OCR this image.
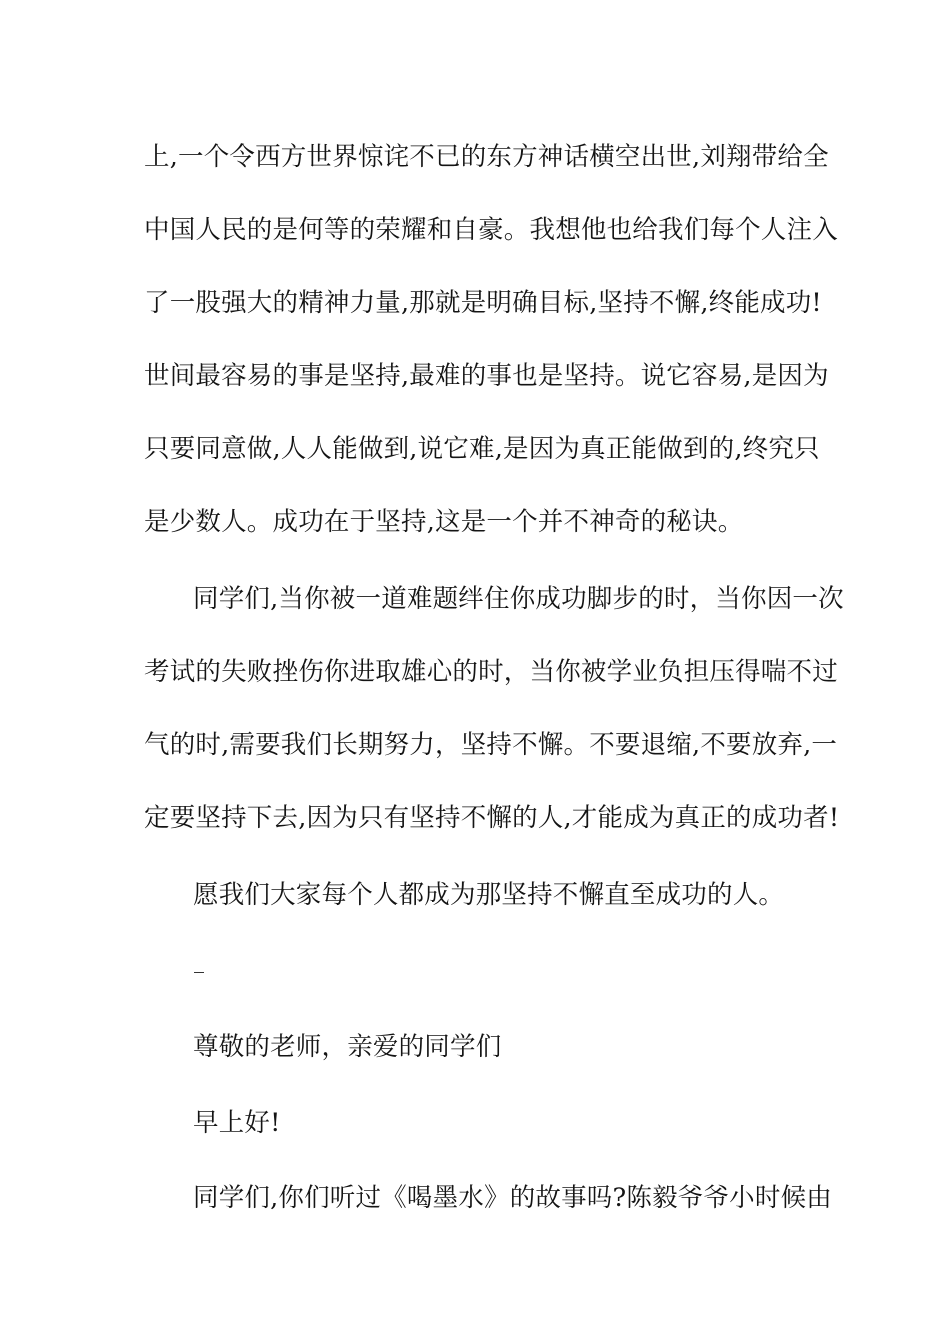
上,一个令西方世界惊诧不已的东方神话横空出世,刘翔带给全
中国人民的是何等的荣耀和自豪。我想他也给我们每个人注入
了一股强大的精神力量,那就是明确目标,坚持不懈,终能成功!
世间最容易的事是坚持,最难的事也是坚持。说它容易,是因为
只要同意做,人人能做到,说它难,是因为真正能做到的,终究只
是少数人。成功在于坚持,这是一个并不神奇的秘诀。
同学们,当你被一道难题绊住你成功脚步的时，当你因一次
考试的失败挫伤你进取雄心的时，当你被学业负担压得喘不过
气的时,需要我们长期努力，坚持不懈。不要退缩,不要放弃,一
定要坚持下去,因为只有坚持不懈的人,才能成为真正的成功者!
愿我们大家每个人都成为那坚持不懈直至成功的人。
尊敬的老师，亲爱的同学们
早上好!
同学们,你们听过《喝墨水》的故事吗?陈毅爷爷小时候由
